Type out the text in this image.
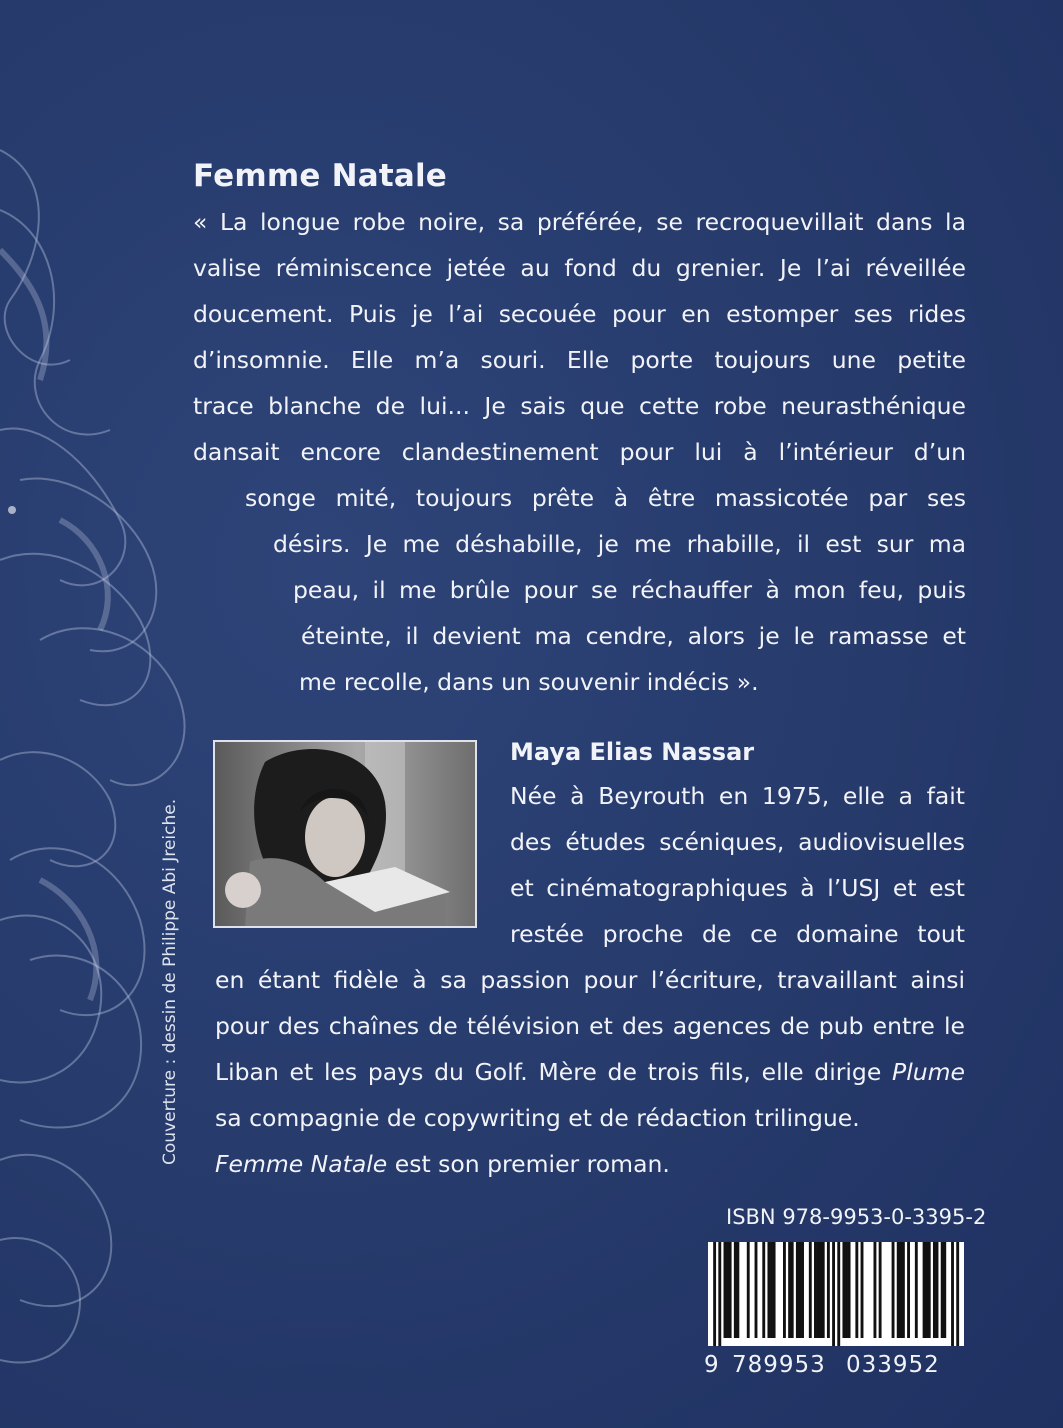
Femme Natale
« La longue robe noire, sa préférée, se recroquevillait dans la
valise réminiscence jetée au fond du grenier. Je l’ai réveillée
doucement. Puis je l’ai secouée pour en estomper ses rides
d’insomnie. Elle m’a souri. Elle porte toujours une petite
trace blanche de lui... Je sais que cette robe neurasthénique
dansait encore clandestinement pour lui à l’intérieur d’un
songe mité, toujours prête à être massicotée par ses
désirs. Je me déshabille, je me rhabille, il est sur ma
peau, il me brûle pour se réchauffer à mon feu, puis
éteinte, il devient ma cendre, alors je le ramasse et
me recolle, dans un souvenir indécis ».
Maya Elias Nassar
Née à Beyrouth en 1975, elle a fait
des études scéniques, audiovisuelles
et cinématographiques à l’USJ et est
restée proche de ce domaine tout
en étant fidèle à sa passion pour l’écriture, travaillant ainsi
pour des chaînes de télévision et des agences de pub entre le
Liban et les pays du Golf. Mère de trois fils, elle dirige Plume
sa compagnie de copywriting et de rédaction trilingue.
Femme Natale est son premier roman.
Couverture : dessin de Philippe Abi Jreiche.
ISBN 978-9953-0-3395-2
9 789953 033952
